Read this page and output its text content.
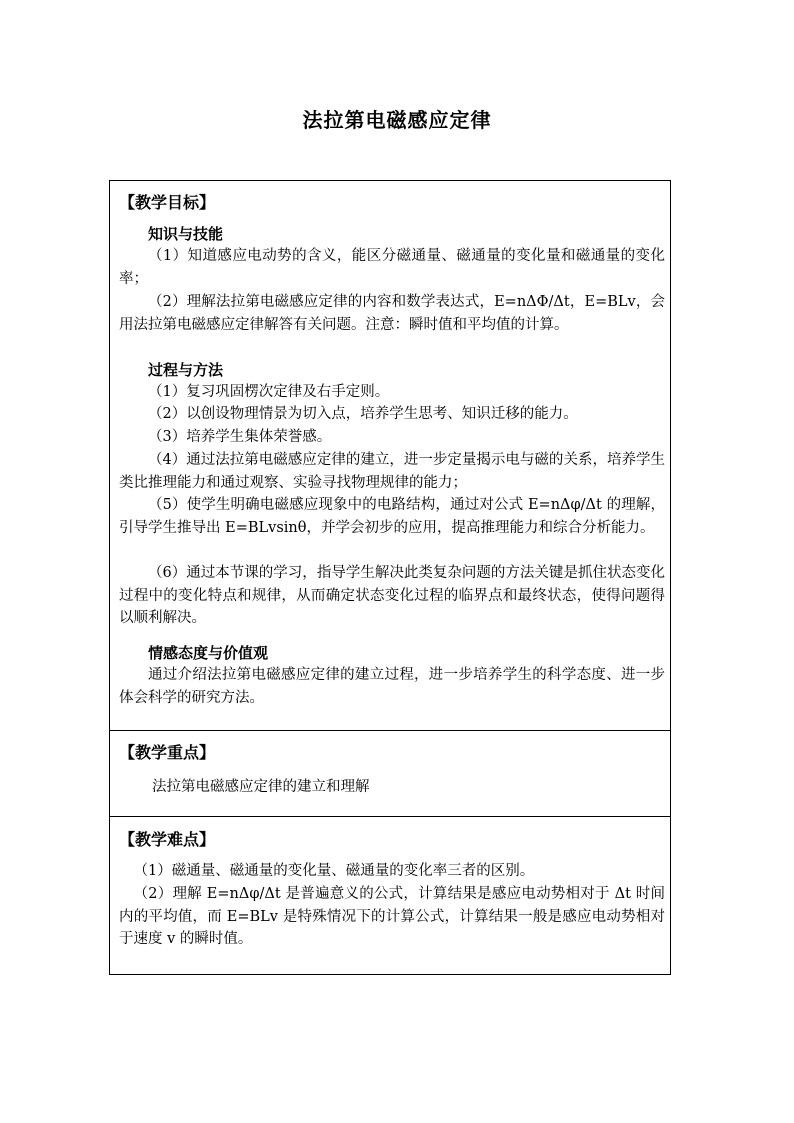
法拉第电磁感应定律
【教学目标】
知识与技能

（1）知道感应电动势的含义，能区分磁通量、磁通量的变化量和磁通量的变化率；

（2）理解法拉第电磁感应定律的内容和数学表达式，E=nΔΦ/Δt，E=BLv，会用法拉第电磁感应定律解答有关问题。注意：瞬时值和平均值的计算。

过程与方法

（1）复习巩固楞次定律及右手定则。

（2）以创设物理情景为切入点，培养学生思考、知识迁移的能力。

（3）培养学生集体荣誉感。

（4）通过法拉第电磁感应定律的建立，进一步定量揭示电与磁的关系，培养学生类比推理能力和通过观察、实验寻找物理规律的能力；

（5）使学生明确电磁感应现象中的电路结构，通过对公式 E=nΔφ/Δt 的理解，引导学生推导出 E=BLvsinθ，并学会初步的应用，提高推理能力和综合分析能力。

（6）通过本节课的学习，指导学生解决此类复杂问题的方法关键是抓住状态变化过程中的变化特点和规律，从而确定状态变化过程的临界点和最终状态，使得问题得以顺利解决。

情感态度与价值观

通过介绍法拉第电磁感应定律的建立过程，进一步培养学生的科学态度、进一步体会科学的研究方法。

【教学重点】
法拉第电磁感应定律的建立和理解
【教学难点】

（1）磁通量、磁通量的变化量、磁通量的变化率三者的区别。

（2）理解 E=nΔφ/Δt 是普遍意义的公式，计算结果是感应电动势相对于 Δt 时间内的平均值，而 E=BLv 是特殊情况下的计算公式，计算结果一般是感应电动势相对于速度 v 的瞬时值。
